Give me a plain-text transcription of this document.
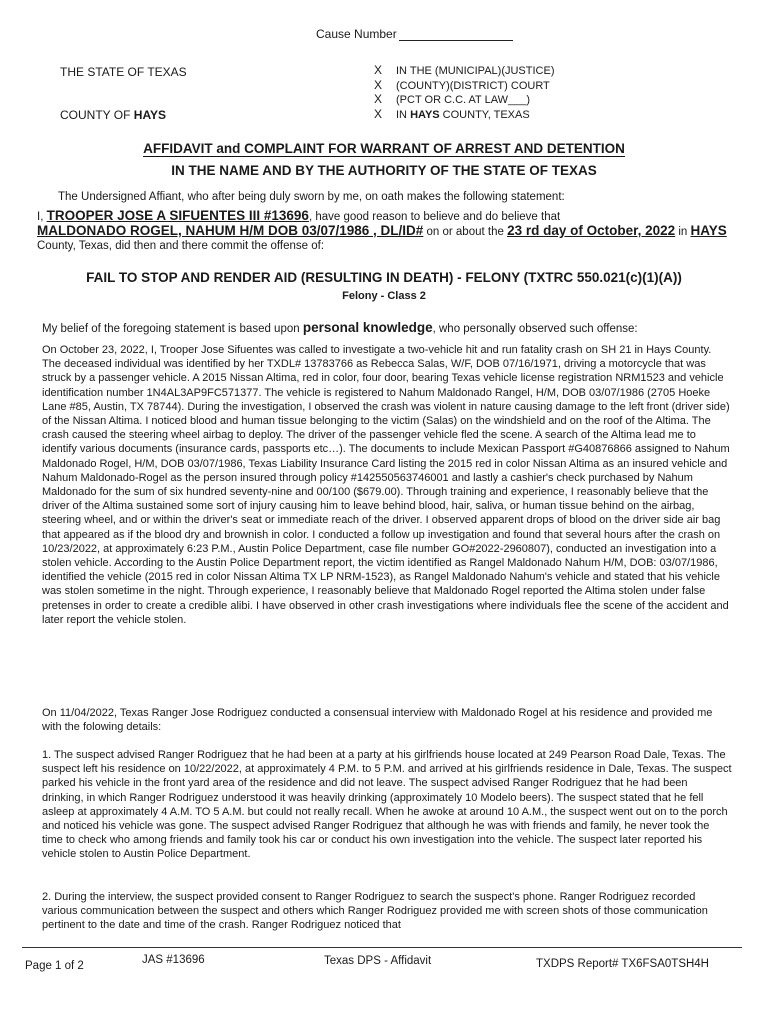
Cause Number
THE STATE OF TEXAS
COUNTY OF HAYS
X IN THE (MUNICIPAL)(JUSTICE)
X (COUNTY)(DISTRICT) COURT
X (PCT OR C.C. AT LAW___)
X IN HAYS COUNTY, TEXAS
AFFIDAVIT and COMPLAINT FOR WARRANT OF ARREST AND DETENTION
IN THE NAME AND BY THE AUTHORITY OF THE STATE OF TEXAS
The Undersigned Affiant, who after being duly sworn by me, on oath makes the following statement:
I, TROOPER JOSE A SIFUENTES III #13696, have good reason to believe and do believe that
MALDONADO ROGEL, NAHUM H/M DOB 03/07/1986 , DL/ID# on or about the 23 rd day of October, 2022 in HAYS County, Texas, did then and there commit the offense of:
FAIL TO STOP AND RENDER AID (RESULTING IN DEATH) - FELONY (TXTRC 550.021(c)(1)(A))
Felony - Class 2
My belief of the foregoing statement is based upon personal knowledge, who personally observed such offense:
On October 23, 2022, I, Trooper Jose Sifuentes was called to investigate a two-vehicle hit and run fatality crash on SH 21 in Hays County. The deceased individual was identified by her TXDL# 13783766 as Rebecca Salas, W/F, DOB 07/16/1971, driving a motorcycle that was struck by a passenger vehicle. A 2015 Nissan Altima, red in color, four door, bearing Texas vehicle license registration NRM1523 and vehicle identification number 1N4AL3AP9FC571377. The vehicle is registered to Nahum Maldonado Rangel, H/M, DOB 03/07/1986 (2705 Hoeke Lane #85, Austin, TX 78744). During the investigation, I observed the crash was violent in nature causing damage to the left front (driver side) of the Nissan Altima. I noticed blood and human tissue belonging to the victim (Salas) on the windshield and on the roof of the Altima. The crash caused the steering wheel airbag to deploy. The driver of the passenger vehicle fled the scene. A search of the Altima lead me to identify various documents (insurance cards, passports etc…). The documents to include Mexican Passport #G40876866 assigned to Nahum Maldonado Rogel, H/M, DOB 03/07/1986, Texas Liability Insurance Card listing the 2015 red in color Nissan Altima as an insured vehicle and Nahum Maldonado-Rogel as the person insured through policy #142550563746001 and lastly a cashier's check purchased by Nahum Maldonado for the sum of six hundred seventy-nine and 00/100 ($679.00). Through training and experience, I reasonably believe that the driver of the Altima sustained some sort of injury causing him to leave behind blood, hair, saliva, or human tissue behind on the airbag, steering wheel, and or within the driver's seat or immediate reach of the driver. I observed apparent drops of blood on the driver side air bag that appeared as if the blood dry and brownish in color. I conducted a follow up investigation and found that several hours after the crash on 10/23/2022, at approximately 6:23 P.M., Austin Police Department, case file number GO#2022-2960807), conducted an investigation into a stolen vehicle. According to the Austin Police Department report, the victim identified as Rangel Maldonado Nahum H/M, DOB: 03/07/1986, identified the vehicle (2015 red in color Nissan Altima TX LP NRM-1523), as Rangel Maldonado Nahum's vehicle and stated that his vehicle was stolen sometime in the night. Through experience, I reasonably believe that Maldonado Rogel reported the Altima stolen under false pretenses in order to create a credible alibi. I have observed in other crash investigations where individuals flee the scene of the accident and later report the vehicle stolen.
On 11/04/2022, Texas Ranger Jose Rodriguez conducted a consensual interview with Maldonado Rogel at his residence and provided me with the folowing details:
1. The suspect advised Ranger Rodriguez that he had been at a party at his girlfriends house located at 249 Pearson Road Dale, Texas. The suspect left his residence on 10/22/2022, at approximately 4 P.M. to 5 P.M. and arrived at his girlfriends residence in Dale, Texas. The suspect parked his vehicle in the front yard area of the residence and did not leave. The suspect advised Ranger Rodriguez that he had been drinking, in which Ranger Rodriguez understood it was heavily drinking (approximately 10 Modelo beers). The suspect stated that he fell asleep at approximately 4 A.M. TO 5 A.M. but could not really recall. When he awoke at around 10 A.M., the suspect went out on to the porch and noticed his vehicle was gone. The suspect advised Ranger Rodriguez that although he was with friends and family, he never took the time to check who among friends and family took his car or conduct his own investigation into the vehicle. The suspect later reported his vehicle stolen to Austin Police Department.
2. During the interview, the suspect provided consent to Ranger Rodriguez to search the suspect's phone. Ranger Rodriguez recorded various communication between the suspect and others which Ranger Rodriguez provided me with screen shots of those communication pertinent to the date and time of the crash. Ranger Rodriguez noticed that
Page 1 of 2	JAS #13696	Texas DPS - Affidavit	TXDPS Report# TX6FSA0TSH4H
